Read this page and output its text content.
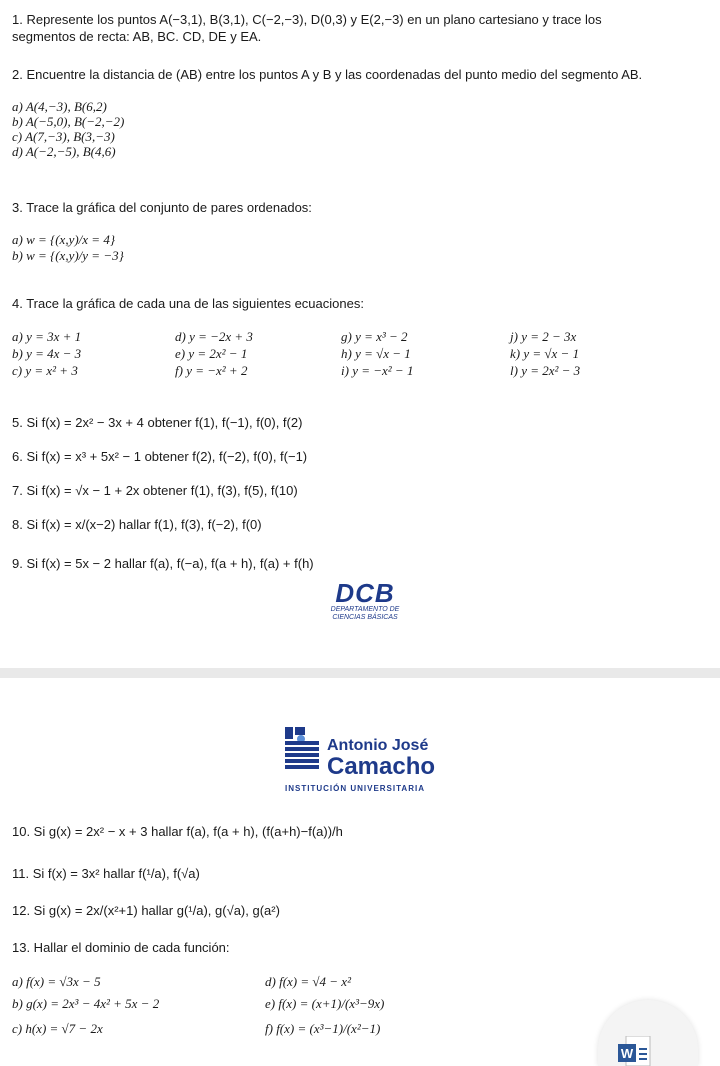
1. Represente los puntos A(−3,1), B(3,1), C(−2,−3), D(0,3) y E(2,−3) en un plano cartesiano y trace los
segmentos de recta: AB, BC. CD, DE y EA.
2. Encuentre la distancia de (AB) entre los puntos A y B y las coordenadas del punto medio del segmento AB.
a) A(4,−3), B(6,2)
b) A(−5,0), B(−2,−2)
c) A(7,−3), B(3,−3)
d) A(−2,−5), B(4,6)
3. Trace la gráfica del conjunto de pares ordenados:
a) w = {(x,y)/x = 4}
b) w = {(x,y)/y = −3}
4. Trace la gráfica de cada una de las siguientes ecuaciones:
a) y = 3x + 1
b) y = 4x − 3
c) y = x² + 3
d) y = −2x + 3
e) y = 2x² − 1
f) y = −x² + 2
g) y = x³ − 2
h) y = √x − 1
i) y = −x² − 1
j) y = 2 − 3x
k) y = √x − 1
l) y = 2x² − 3
5. Si f(x) = 2x² − 3x + 4 obtener f(1), f(−1), f(0), f(2)
6. Si f(x) = x³ + 5x² − 1 obtener f(2), f(−2), f(0), f(−1)
7. Si f(x) = √x − 1 + 2x obtener f(1), f(3), f(5), f(10)
8. Si f(x) = x/(x−2) hallar f(1), f(3), f(−2), f(0)
9. Si f(x) = 5x − 2 hallar f(a), f(−a), f(a + h), f(a) + f(h)
DCB
DEPARTAMENTO DE
CIENCIAS BÁSICAS
Antonio José
Camacho
INSTITUCIÓN UNIVERSITARIA
10. Si g(x) = 2x² − x + 3 hallar f(a), f(a + h), (f(a+h)−f(a))/h
11. Si f(x) = 3x² hallar f(¹/a), f(√a)
12. Si g(x) = 2x/(x²+1) hallar g(¹/a), g(√a), g(a²)
13. Hallar el dominio de cada función:
a) f(x) = √3x − 5
b) g(x) = 2x³ − 4x² + 5x − 2
c) h(x) = √7 − 2x
d) f(x) = √4 − x²
e) f(x) = (x+1)/(x³−9x)
f) f(x) = (x³−1)/(x²−1)
W
